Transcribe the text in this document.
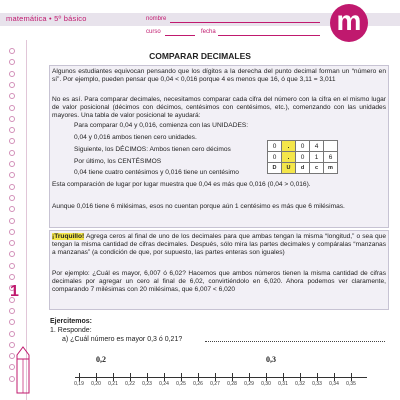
matemática • 5º básico	nombre
curso	fecha	m
1
COMPARAR DECIMALES
Algunos estudiantes equivocan pensando que los dígitos a la derecha del punto decimal forman un “número en sí”. Por ejemplo, pueden pensar que 0,04 < 0,016 porque 4 es menos que 16, ó que 3,11 = 3,011
No es así. Para comparar decimales, necesitamos comparar cada cifra del número con la cifra en el mismo lugar de valor posicional (décimos con décimos, centésimos con centésimos, etc.), comenzando con las unidades mayores. Una tabla de valor posicional te ayudará:
Para comparar 0,04 y 0,016, comienza con las UNIDADES:
0,04 y 0,016 ambos tienen cero unidades.
Siguiente, los DÉCIMOS: Ambos tienen cero décimos
Por último, los CENTÉSIMOS
0,04 tiene cuatro centésimos y 0,016 tiene un centésimo
Esta comparación de lugar por lugar muestra que 0,04 es más que 0,016 (0,04 > 0,016).
Aunque 0,016 tiene 6 milésimas, esos no cuentan porque aún 1 centésimo es más que 6 milésimas.
0	.	0	4	
0	.	0	1	6
D	U	d	c	m
¡Truquillo! Agrega ceros al final de uno de los decimales para que ambas tengan la misma “longitud,” o sea que tengan la misma cantidad de cifras decimales. Después, sólo mira las partes decimales y compáralas “manzanas a manzanas” (a condición de que, por supuesto, las partes enteras son iguales)
Por ejemplo: ¿Cuál es mayor, 6,007 ó 6,02? Hacemos que ambos números tienen la misma cantidad de cifras decimales por agregar un cero al final de 6,02, convirtiéndolo en 6,020. Ahora podemos ver claramente, comparando 7 milésimas con 20 milésimas, que 6,007 < 6,020
Ejercitemos:
1. Responde:
a) ¿Cuál número es mayor 0,3 ó 0,21?
0,2	0,3
0,19	0,20	0,21	0,22	0,23	0,24	0,25	0,26	0,27	0,28	0,29	0,30	0,31	0,32	0,33	0,34	0,35
